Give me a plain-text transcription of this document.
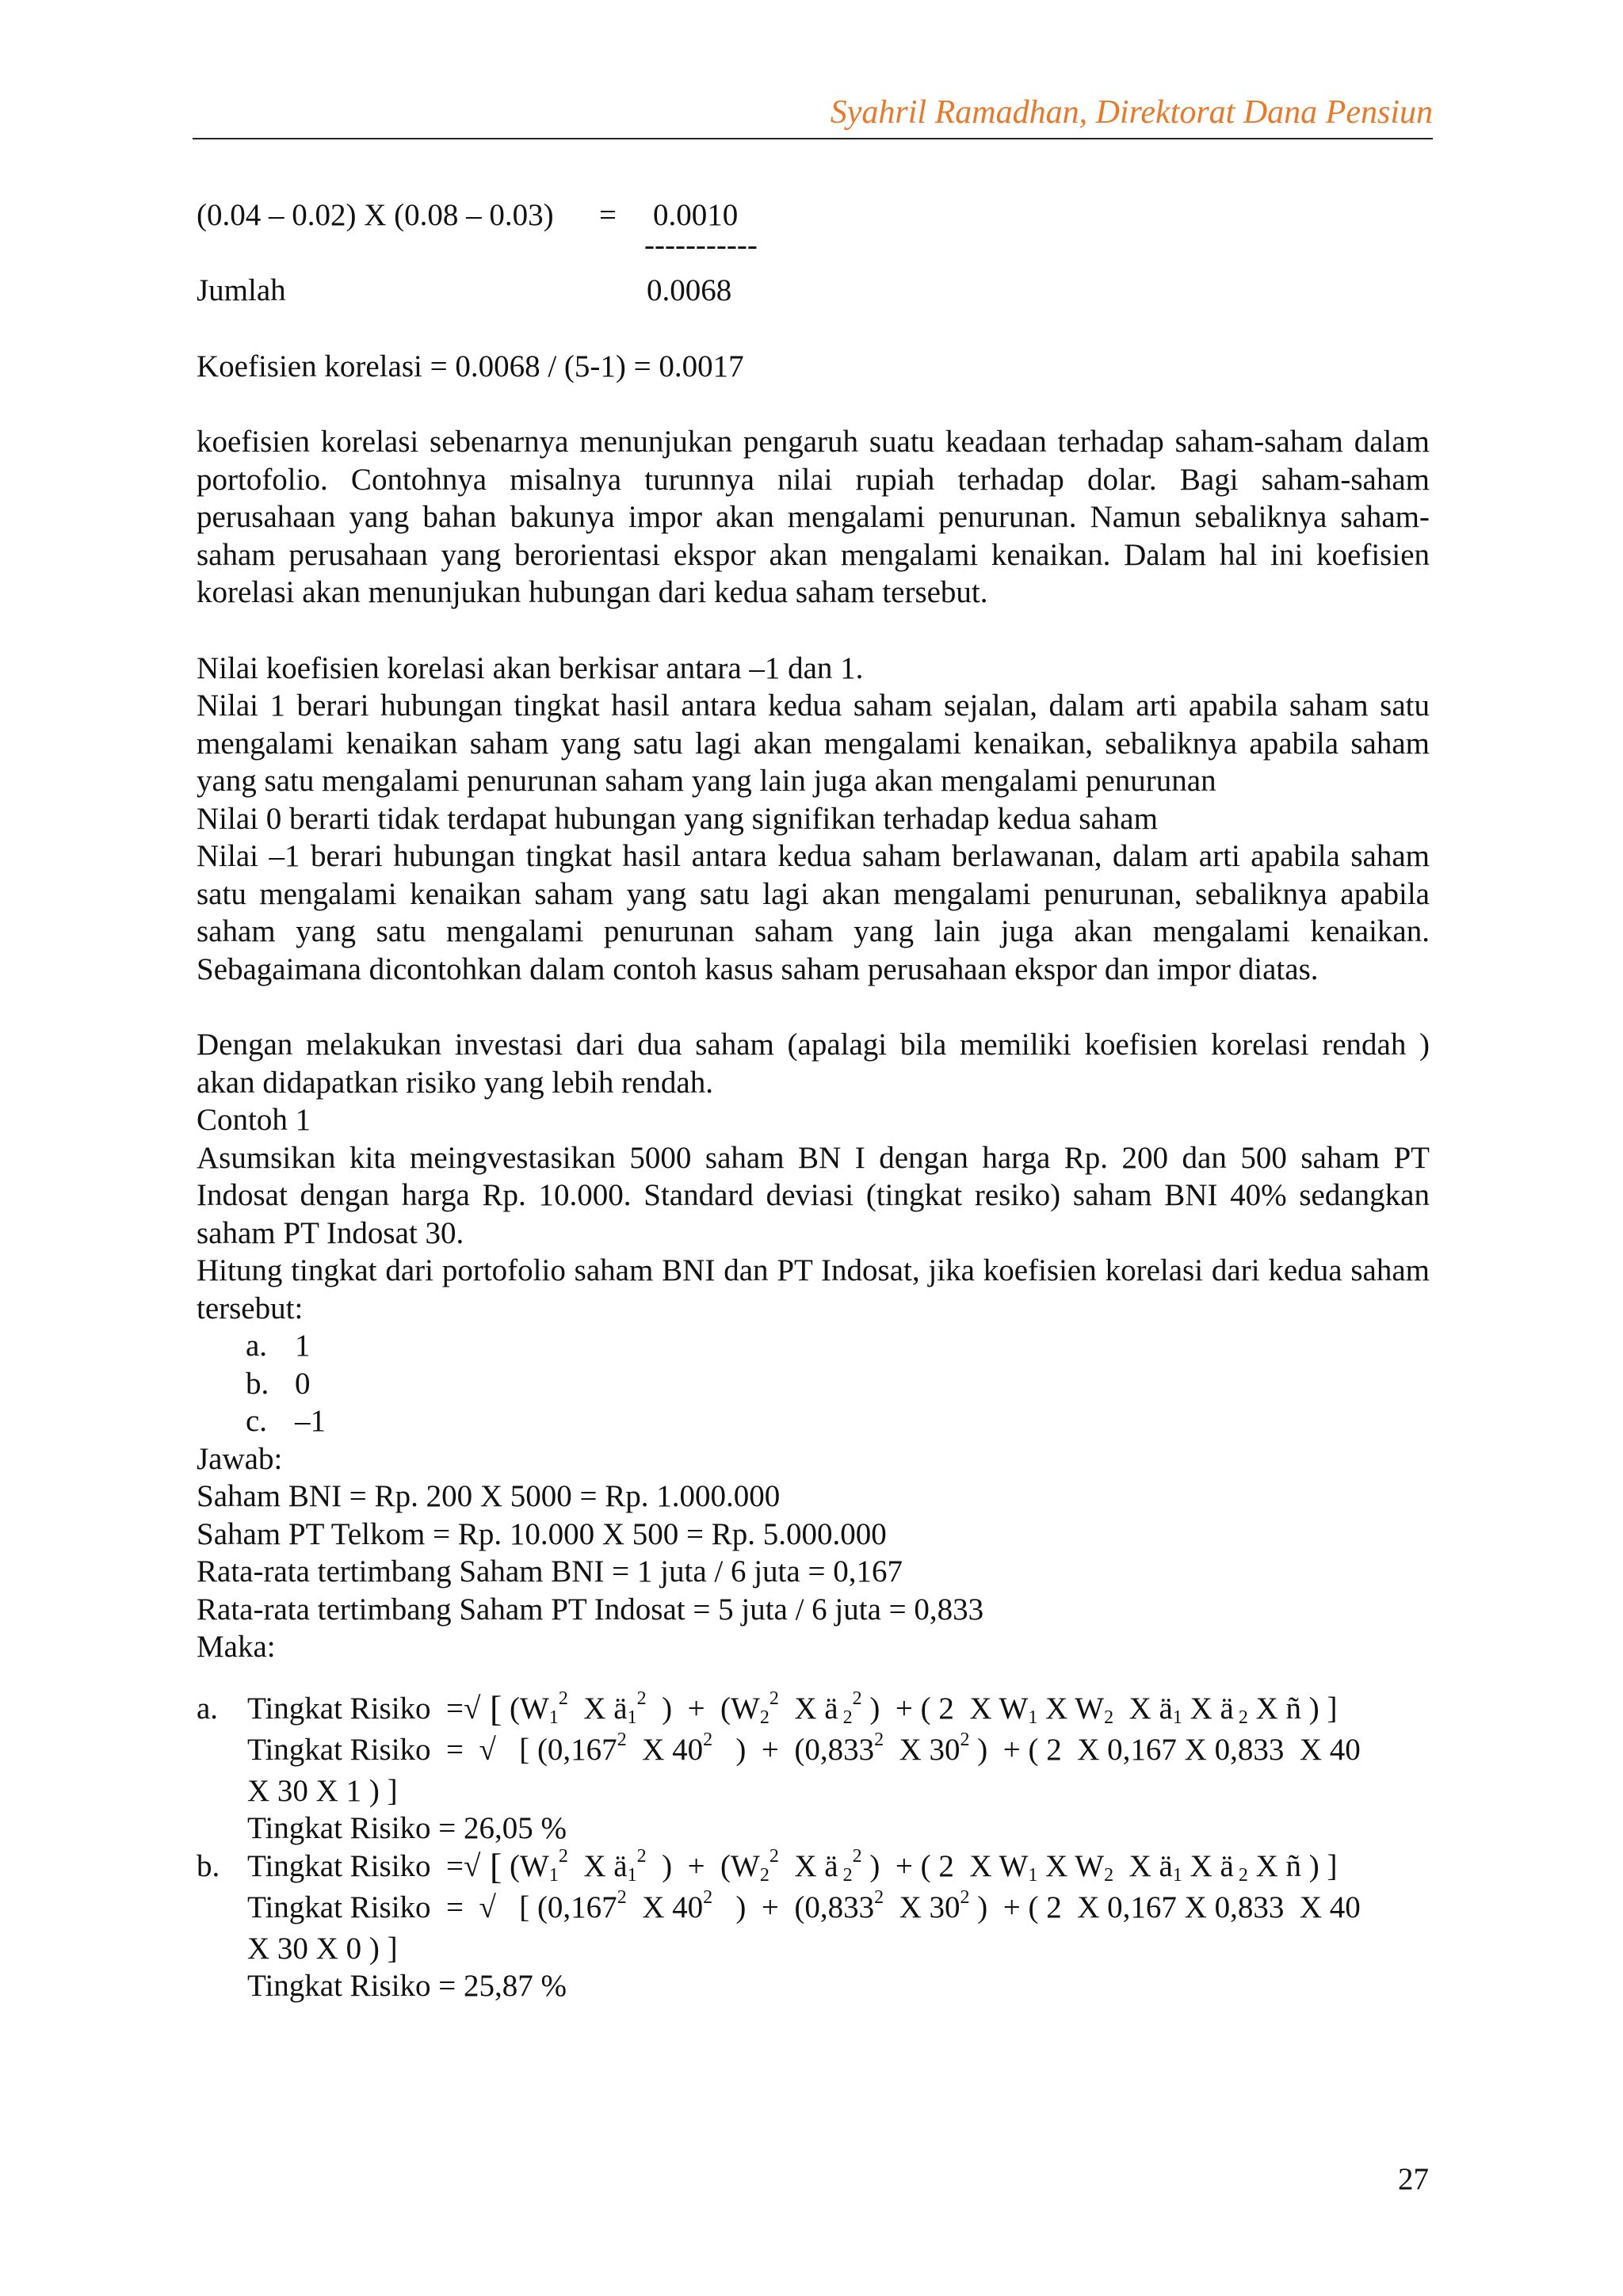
Syahril Ramadhan, Direktorat Dana Pensiun

(0.04 – 0.02) X (0.08 – 0.03)

=

0.0010

-----------

Jumlah

	0.0068

Koefisien korelasi = 0.0068 / (5-1) = 0.0017

koefisien korelasi sebenarnya menunjukan pengaruh suatu keadaan terhadap saham-saham dalam portofolio. Contohnya misalnya turunnya nilai rupiah terhadap dolar. Bagi saham-saham perusahaan yang bahan bakunya impor akan mengalami penurunan. Namun sebaliknya saham-saham perusahaan yang berorientasi ekspor akan mengalami kenaikan. Dalam hal ini koefisien korelasi akan menunjukan hubungan dari kedua saham tersebut.

Nilai koefisien korelasi akan berkisar antara –1 dan 1.

Nilai 1 berari hubungan tingkat hasil antara kedua saham sejalan, dalam arti apabila saham satu mengalami kenaikan saham yang satu lagi akan mengalami kenaikan, sebaliknya apabila saham yang satu mengalami penurunan saham yang lain juga akan mengalami penurunan

Nilai 0 berarti tidak terdapat hubungan yang signifikan terhadap kedua saham

Nilai –1 berari hubungan tingkat hasil antara kedua saham berlawanan, dalam arti apabila saham satu mengalami kenaikan saham yang satu lagi akan mengalami penurunan, sebaliknya apabila saham yang satu mengalami penurunan saham yang lain juga akan mengalami kenaikan. Sebagaimana dicontohkan dalam contoh kasus saham perusahaan ekspor dan impor diatas.

Dengan melakukan investasi dari dua saham (apalagi bila memiliki koefisien korelasi rendah ) akan didapatkan risiko yang lebih rendah.

Contoh 1

Asumsikan kita meingvestasikan 5000 saham BN I dengan harga Rp. 200 dan 500 saham PT Indosat dengan harga Rp. 10.000. Standard deviasi (tingkat resiko) saham BNI 40% sedangkan saham PT Indosat 30.

Hitung tingkat dari portofolio saham BNI dan PT Indosat, jika koefisien korelasi dari kedua saham tersebut:

a. 1
b. 0
c. –1
Jawab:
Saham BNI = Rp. 200 X 5000 = Rp. 1.000.000
Saham PT Telkom = Rp. 10.000 X 500 = Rp. 5.000.000
Rata-rata tertimbang Saham BNI = 1 juta / 6 juta = 0,167
Rata-rata tertimbang Saham PT Indosat = 5 juta / 6 juta = 0,833
Maka:
a. Tingkat Risiko  =√ [ ($W_1^2$  X $ä_1^2$  )  +  ($W_2^2$  X ä $_2^2$ )  + ( 2  X $W_1$ X $W_2$  X $ä_1$ X ä $_2$ X ñ ) ]
Tingkat Risiko  =  √   [ (0,167$^2$  X $40^2$   )  +  (0,833$^2$  X $30^2$ )  + ( 2  X 0,167 X 0,833  X 40
X 30 X 1 ) ]
Tingkat Risiko = 26,05 %
b. Tingkat Risiko  =√ [ ($W_1^2$  X $ä_1^2$  )  +  ($W_2^2$  X ä $_2^2$ )  + ( 2  X $W_1$ X $W_2$  X $ä_1$ X ä $_2$ X ñ ) ]
Tingkat Risiko  =  √   [ (0,167$^2$  X $40^2$   )  +  (0,833$^2$  X $30^2$ )  + ( 2  X 0,167 X 0,833  X 40
X 30 X 0 ) ]
Tingkat Risiko = 25,87 %
27
